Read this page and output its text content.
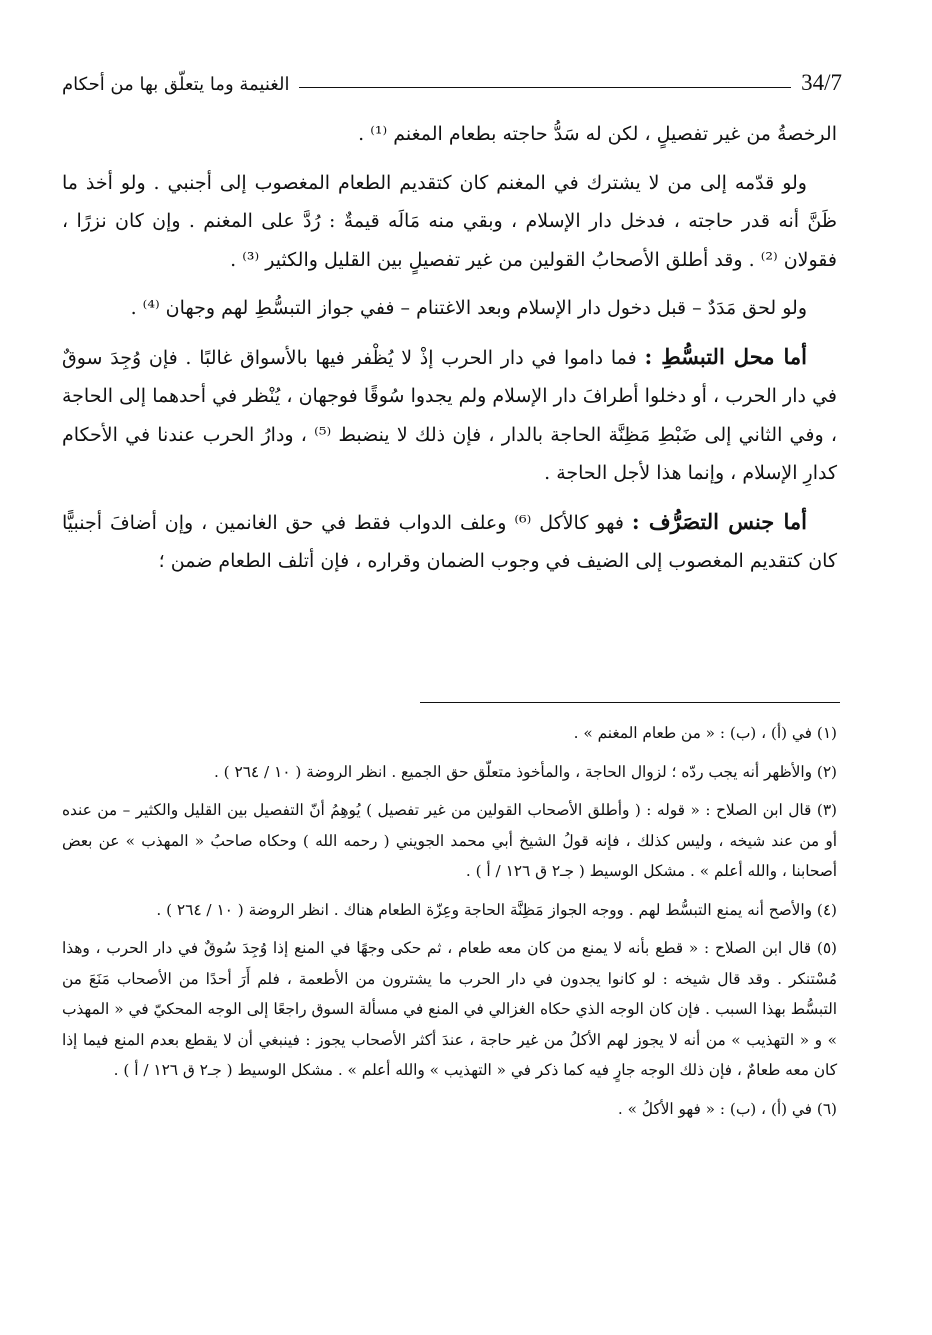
34/7
الغنيمة وما يتعلّق بها من أحكام

الرخصةُ من غير تفصيلٍ ، لكن له سَدُّ حاجته بطعام المغنم ⁽¹⁾ .

ولو قدّمه إلى من لا يشترك في المغنم كان كتقديم الطعام المغصوب إلى أجنبي . ولو أخذ ما ظَنَّ أنه قدر حاجته ، فدخل دار الإسلام ، وبقي منه مَالَه قيمةٌ : رُدَّ على المغنم . وإن كان نزرًا ، فقولان ⁽²⁾ . وقد أطلق الأصحابُ القولين من غير تفصيلٍ بين القليل والكثير ⁽³⁾ .

ولو لحق مَدَدٌ – قبل دخول دار الإسلام وبعد الاغتنام – ففي جواز التبسُّطِ لهم وجهان ⁽⁴⁾ .

أما محل التبسُّطِ : فما داموا في دار الحرب إذْ لا يُظْفر فيها بالأسواق غالبًا . فإن وُجِدَ سوقٌ في دار الحرب ، أو دخلوا أطرافَ دار الإسلام ولم يجدوا سُوقًا فوجهان ، يُنْظر في أحدهما إلى الحاجة ، وفي الثاني إلى ضَبْطِ مَظِنَّة الحاجة بالدار ، فإن ذلك لا ينضبط ⁽⁵⁾ ، ودارُ الحرب عندنا في الأحكام كدارِ الإسلام ، وإنما هذا لأجل الحاجة .

أما جنس التصَرُّف : فهو كالأكل ⁽⁶⁾ وعلف الدواب فقط في حق الغانمين ، وإن أضافَ أجنبيًّا كان كتقديم المغصوب إلى الضيف في وجوب الضمان وقراره ، فإن أتلف الطعام ضمن ؛

(١) في (أ) ، (ب) : « من طعام المغنم » .

(٢) والأظهر أنه يجب ردّه ؛ لزوال الحاجة ، والمأخوذ متعلّق حق الجميع . انظر الروضة ( ١٠ / ٢٦٤ ) .

(٣) قال ابن الصلاح : « قوله : ( وأطلق الأصحاب القولين من غير تفصيل ) يُوهِمُ أنّ التفصيل بين القليل والكثير – من عنده أو من عند شيخه ، وليس كذلك ، فإنه قولُ الشيخ أبي محمد الجويني ( رحمه الله ) وحكاه صاحبُ « المهذب » عن بعض أصحابنا ، والله أعلم » . مشكل الوسيط ( جـ٢ ق ١٢٦ / أ ) .

(٤) والأصح أنه يمنع التبسُّط لهم . ووجه الجواز مَظِنَّة الحاجة وعِزّة الطعام هناك . انظر الروضة ( ١٠ / ٢٦٤ ) .

(٥) قال ابن الصلاح : « قطع بأنه لا يمنع من كان معه طعام ، ثم حكى وجهًا في المنع إذا وُجِدَ سُوقٌ في دار الحرب ، وهذا مُسْتنكر . وقد قال شيخه : لو كانوا يجدون في دار الحرب ما يشترون من الأطعمة ، فلم أَرَ أحدًا من الأصحاب مَنَعَ من التبسُّط بهذا السبب . فإن كان الوجه الذي حكاه الغزالي في المنع في مسألة السوق راجعًا إلى الوجه المحكيّ في « المهذب » و « التهذيب » من أنه لا يجوز لهم الأكلُ من غير حاجة ، عندَ أكثر الأصحاب يجوز : فينبغي أن لا يقطع بعدم المنع فيما إذا كان معه طعامٌ ، فإن ذلك الوجه جارٍ فيه كما ذكر في « التهذيب » والله أعلم » . مشكل الوسيط ( جـ٢ ق ١٢٦ / أ ) .

(٦) في (أ) ، (ب) : « فهو الأكلُ » .
